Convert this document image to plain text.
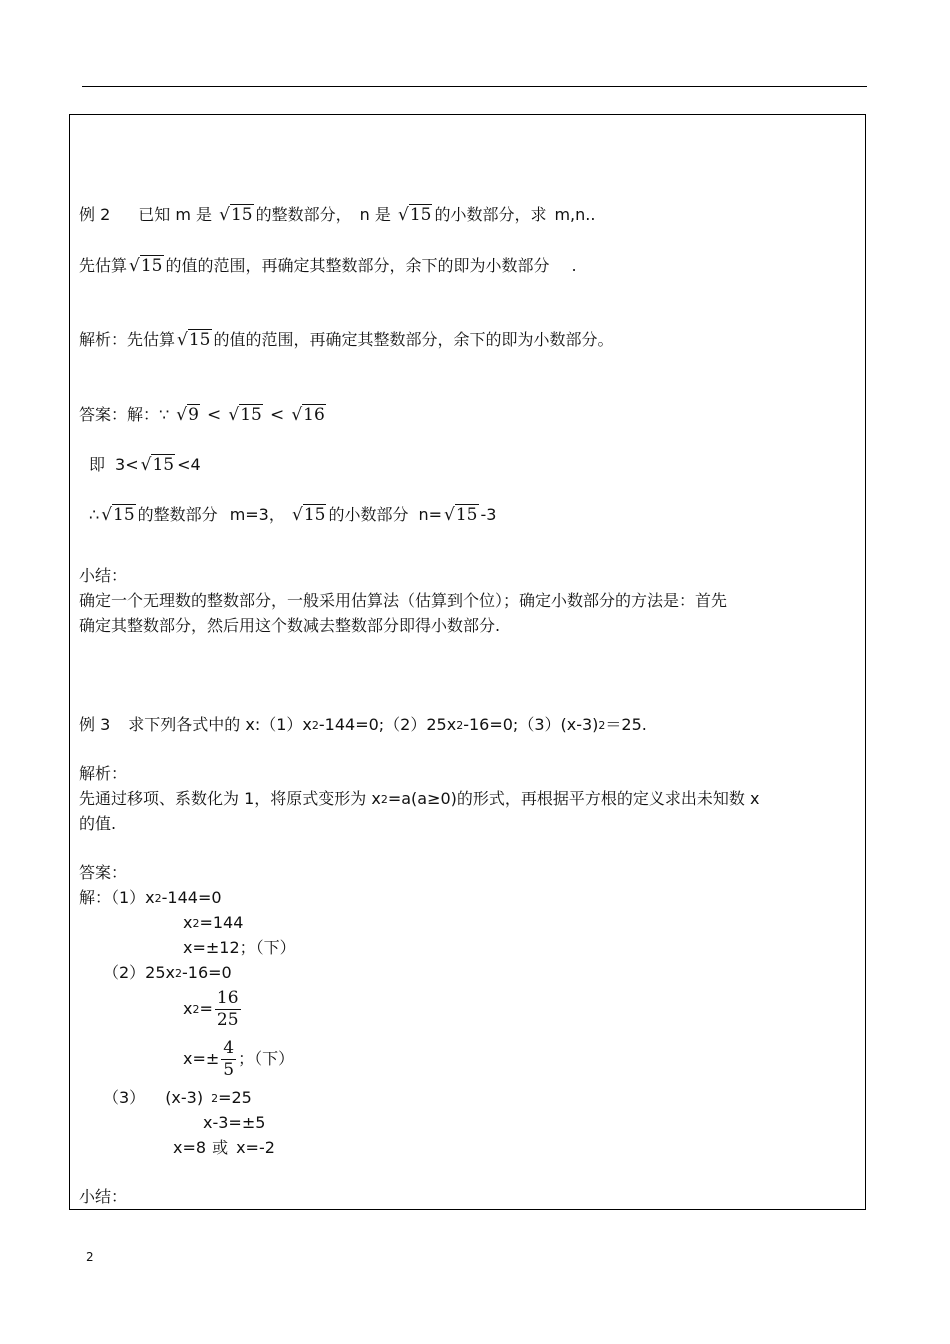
例 2 已知 m 是 √15 的整数部分， n 是 √15 的小数部分，求 m,n..
先估算 √15 的值的范围，再确定其整数部分，余下的即为小数部分 .
解析：先估算 √15 的值的范围，再确定其整数部分，余下的即为小数部分。
答案：解：∵ √9 < √15 < √16
即 3< √15 <4
∴ √15 的整数部分 m=3， √15 的小数部分 n= √15 -3
小结：
确定一个无理数的整数部分，一般采用估算法（估算到个位）；确定小数部分的方法是：首先
确定其整数部分，然后用这个数减去整数部分即得小数部分.
例 3 求下列各式中的 x:（1）x2-144=0;（2）25x2-16=0;（3）(x-3)2＝25.
解析：
先通过移项、系数化为 1，将原式变形为 x2=a(a≥0)的形式，再根据平方根的定义求出未知数 x
的值.
答案：
解：（1）x2-144=0
x2=144
x=±12；（下）
（2）25x2-16=0
$x2= \frac{16}{25}$
$x=\pm \frac{4}{5}$ ；（下）
（3） (x-3) 2=25
x-3=±5
x=8 或 x=-2
小结：
2
